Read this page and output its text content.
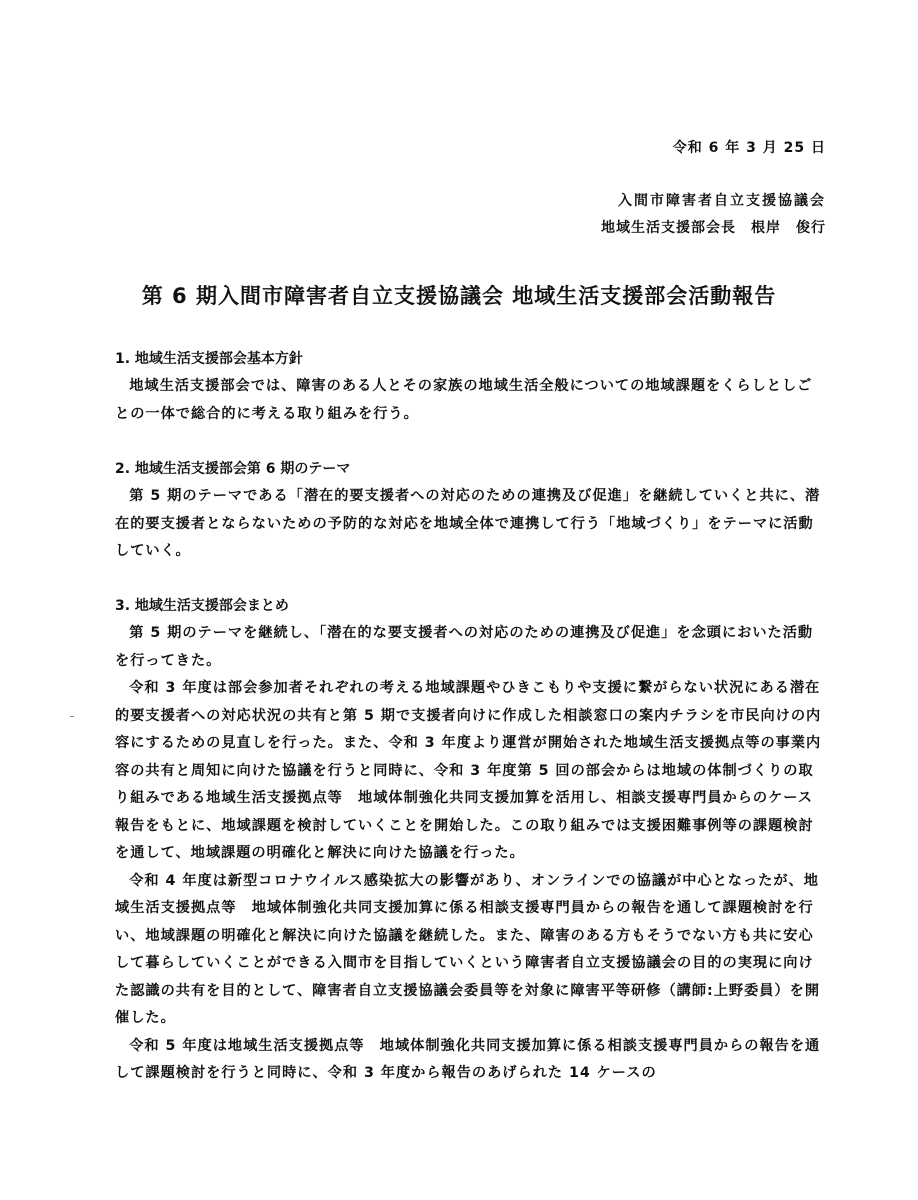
令和 6 年 3 月 25 日
入間市障害者自立支援協議会
地域生活支援部会長　根岸　俊行
第 6 期入間市障害者自立支援協議会 地域生活支援部会活動報告
1. 地域生活支援部会基本方針

地域生活支援部会では、障害のある人とその家族の地域生活全般についての地域課題をくらしとしごとの一体で総合的に考える取り組みを行う。

2. 地域生活支援部会第 6 期のテーマ

第 5 期のテーマである「潜在的要支援者への対応のための連携及び促進」を継続していくと共に、潜在的要支援者とならないための予防的な対応を地域全体で連携して行う「地域づくり」をテーマに活動していく。

3. 地域生活支援部会まとめ

第 5 期のテーマを継続し、「潜在的な要支援者への対応のための連携及び促進」を念頭においた活動を行ってきた。

令和 3 年度は部会参加者それぞれの考える地域課題やひきこもりや支援に繋がらない状況にある潜在的要支援者への対応状況の共有と第 5 期で支援者向けに作成した相談窓口の案内チラシを市民向けの内容にするための見直しを行った。また、令和 3 年度より運営が開始された地域生活支援拠点等の事業内容の共有と周知に向けた協議を行うと同時に、令和 3 年度第 5 回の部会からは地域の体制づくりの取り組みである地域生活支援拠点等　地域体制強化共同支援加算を活用し、相談支援専門員からのケース報告をもとに、地域課題を検討していくことを開始した。この取り組みでは支援困難事例等の課題検討を通して、地域課題の明確化と解決に向けた協議を行った。

令和 4 年度は新型コロナウイルス感染拡大の影響があり、オンラインでの協議が中心となったが、地域生活支援拠点等　地域体制強化共同支援加算に係る相談支援専門員からの報告を通して課題検討を行い、地域課題の明確化と解決に向けた協議を継続した。また、障害のある方もそうでない方も共に安心して暮らしていくことができる入間市を目指していくという障害者自立支援協議会の目的の実現に向けた認識の共有を目的として、障害者自立支援協議会委員等を対象に障害平等研修（講師:上野委員）を開催した。

令和 5 年度は地域生活支援拠点等　地域体制強化共同支援加算に係る相談支援専門員からの報告を通して課題検討を行うと同時に、令和 3 年度から報告のあげられた 14 ケースの
